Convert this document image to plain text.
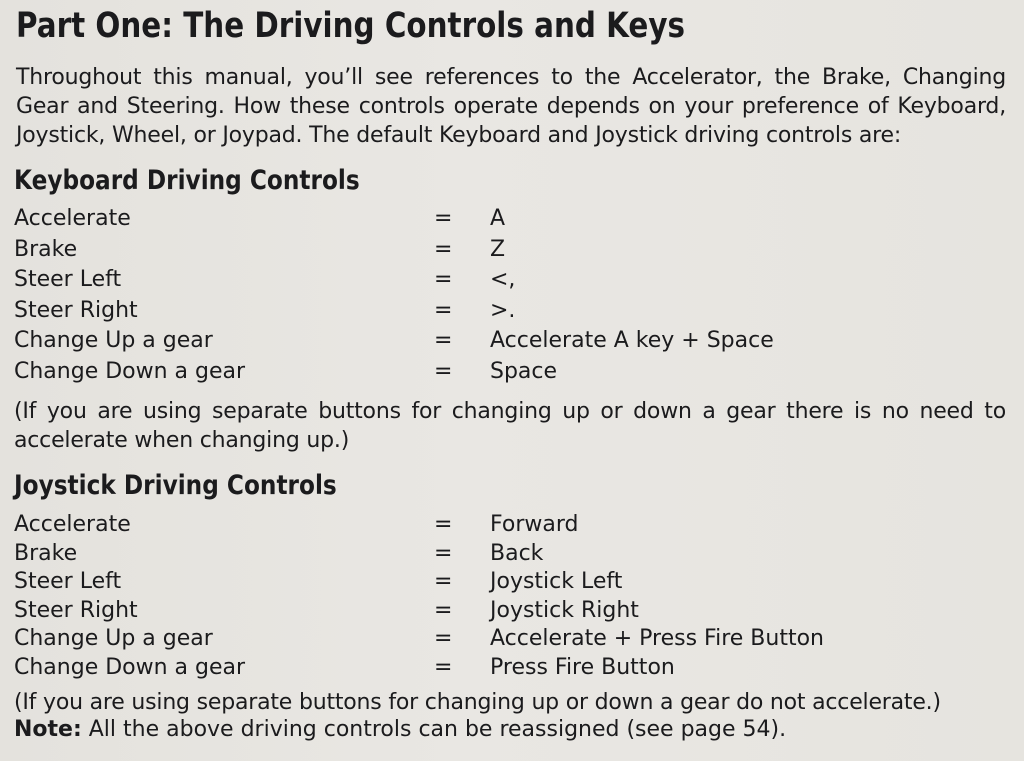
Part One: The Driving Controls and Keys

Throughout this manual, you’ll see references to the Accelerator, the Brake, Changing Gear and Steering. How these controls operate depends on your preference of Keyboard, Joystick, Wheel, or Joypad. The default Keyboard and Joystick driving controls are:

Keyboard Driving Controls
Accelerate	= A
Brake	= Z
Steer Left	= <,
Steer Right	= >.
Change Up a gear	= Accelerate A key + Space
Change Down a gear	= Space

(If you are using separate buttons for changing up or down a gear there is no need to accelerate when changing up.)

Joystick Driving Controls
Accelerate	= Forward
Brake	= Back
Steer Left	= Joystick Left
Steer Right	= Joystick Right
Change Up a gear	= Accelerate + Press Fire Button
Change Down a gear	= Press Fire Button

(If you are using separate buttons for changing up or down a gear do not accelerate.)

Note: All the above driving controls can be reassigned (see page 54).
